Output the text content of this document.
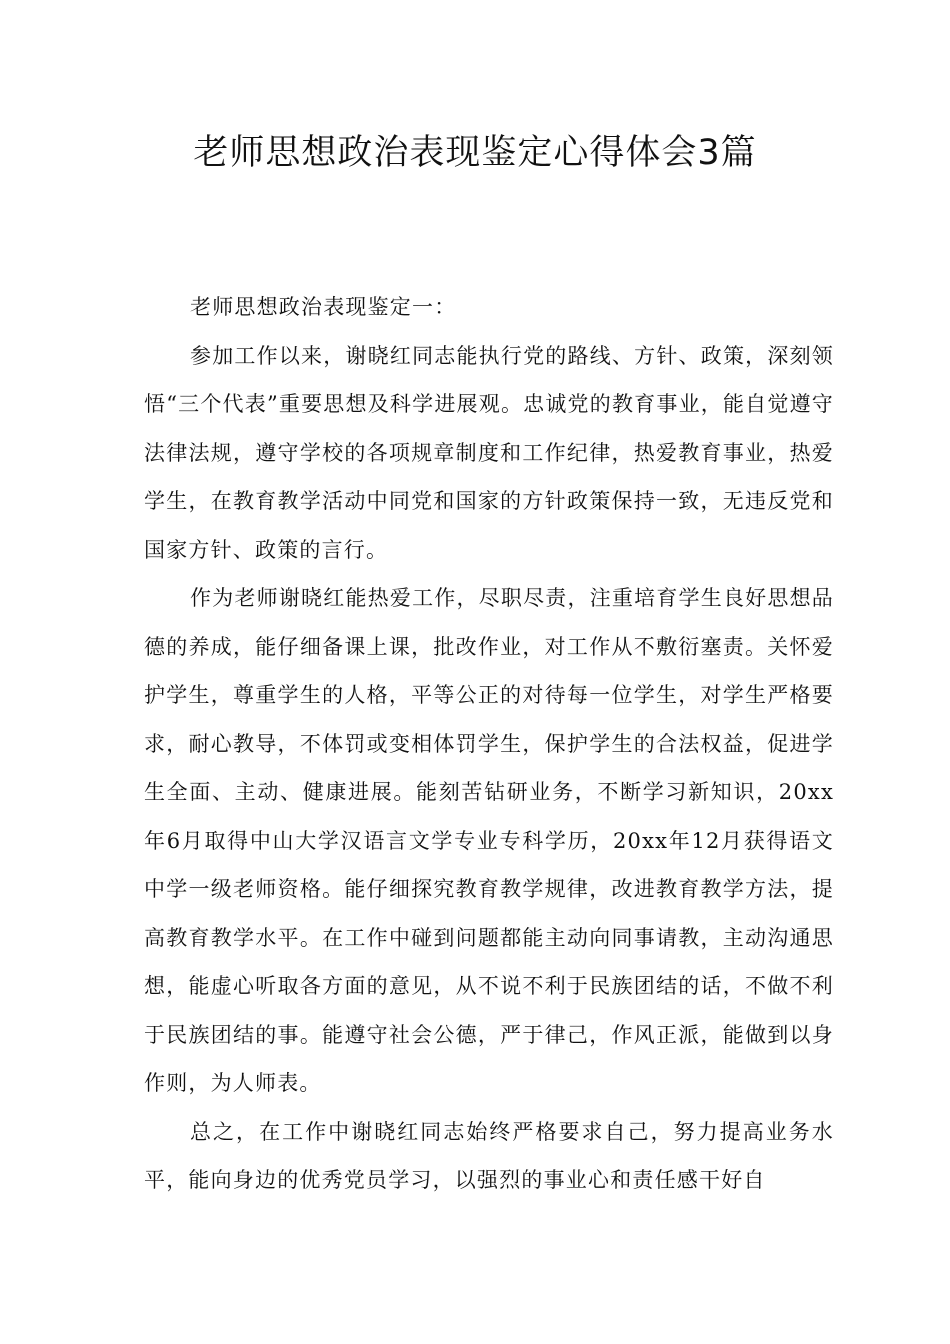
老师思想政治表现鉴定心得体会3篇

老师思想政治表现鉴定一：

参加工作以来，谢晓红同志能执行党的路线、方针、政策，深刻领悟“三个代表”重要思想及科学进展观。忠诚党的教育事业，能自觉遵守法律法规，遵守学校的各项规章制度和工作纪律，热爱教育事业，热爱学生，在教育教学活动中同党和国家的方针政策保持一致，无违反党和国家方针、政策的言行。

作为老师谢晓红能热爱工作，尽职尽责，注重培育学生良好思想品德的养成，能仔细备课上课，批改作业，对工作从不敷衍塞责。关怀爱护学生，尊重学生的人格，平等公正的对待每一位学生，对学生严格要求，耐心教导，不体罚或变相体罚学生，保护学生的合法权益，促进学生全面、主动、健康进展。能刻苦钻研业务，不断学习新知识，20xx年6月取得中山大学汉语言文学专业专科学历，20xx年12月获得语文中学一级老师资格。能仔细探究教育教学规律，改进教育教学方法，提高教育教学水平。在工作中碰到问题都能主动向同事请教，主动沟通思想，能虚心听取各方面的意见，从不说不利于民族团结的话，不做不利于民族团结的事。能遵守社会公德，严于律己，作风正派，能做到以身作则，为人师表。

总之，在工作中谢晓红同志始终严格要求自己，努力提高业务水平，能向身边的优秀党员学习，以强烈的事业心和责任感干好自
